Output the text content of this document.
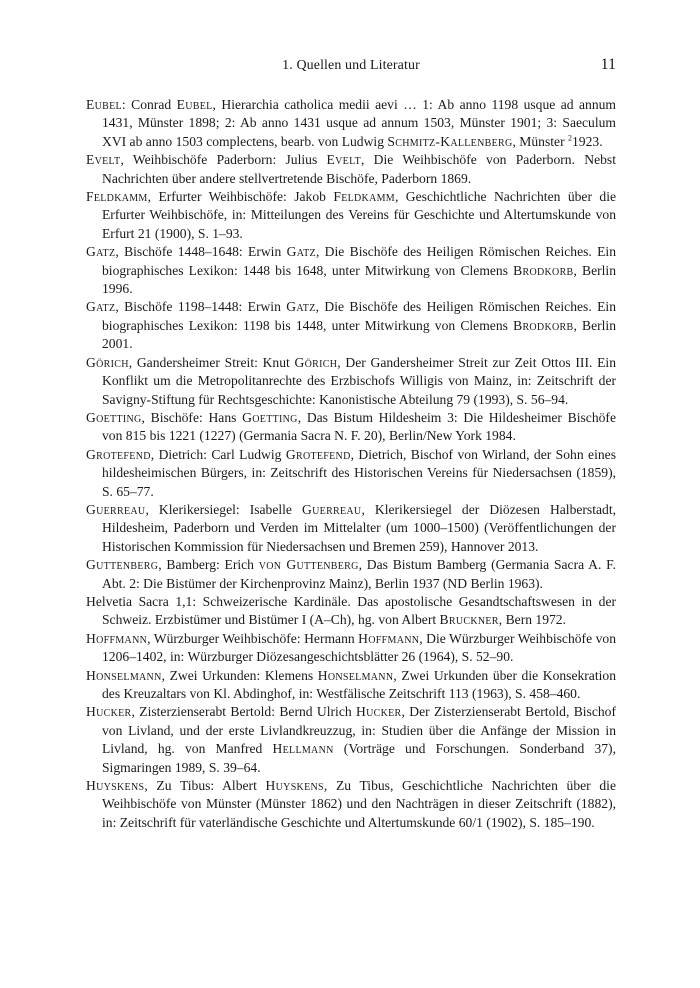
1. Quellen und Literatur	11

Eubel: Conrad Eubel, Hierarchia catholica medii aevi … 1: Ab anno 1198 usque ad annum 1431, Münster 1898; 2: Ab anno 1431 usque ad annum 1503, Münster 1901; 3: Saeculum XVI ab anno 1503 complectens, bearb. von Ludwig Schmitz-Kallenberg, Münster $^2$1923.

Evelt, Weihbischöfe Paderborn: Julius Evelt, Die Weihbischöfe von Paderborn. Nebst Nachrichten über andere stellvertretende Bischöfe, Paderborn 1869.

Feldkamm, Erfurter Weihbischöfe: Jakob Feldkamm, Geschichtliche Nachrichten über die Erfurter Weihbischöfe, in: Mitteilungen des Vereins für Geschichte und Altertumskunde von Erfurt 21 (1900), S. 1–93.

Gatz, Bischöfe 1448–1648: Erwin Gatz, Die Bischöfe des Heiligen Römischen Reiches. Ein biographisches Lexikon: 1448 bis 1648, unter Mitwirkung von Clemens Brodkorb, Berlin 1996.

Gatz, Bischöfe 1198–1448: Erwin Gatz, Die Bischöfe des Heiligen Römischen Reiches. Ein biographisches Lexikon: 1198 bis 1448, unter Mitwirkung von Clemens Brodkorb, Berlin 2001.

Görich, Gandersheimer Streit: Knut Görich, Der Gandersheimer Streit zur Zeit Ottos III. Ein Konflikt um die Metropolitanrechte des Erzbischofs Willigis von Mainz, in: Zeitschrift der Savigny-Stiftung für Rechtsgeschichte: Kanonistische Abteilung 79 (1993), S. 56–94.

Goetting, Bischöfe: Hans Goetting, Das Bistum Hildesheim 3: Die Hildesheimer Bischöfe von 815 bis 1221 (1227) (Germania Sacra N. F. 20), Berlin/New York 1984.

Grotefend, Dietrich: Carl Ludwig Grotefend, Dietrich, Bischof von Wirland, der Sohn eines hildesheimischen Bürgers, in: Zeitschrift des Historischen Vereins für Niedersachsen (1859), S. 65–77.

Guerreau, Klerikersiegel: Isabelle Guerreau, Klerikersiegel der Diözesen Halberstadt, Hildesheim, Paderborn und Verden im Mittelalter (um 1000–1500) (Veröffentlichungen der Historischen Kommission für Niedersachsen und Bremen 259), Hannover 2013.

Guttenberg, Bamberg: Erich von Guttenberg, Das Bistum Bamberg (Germania Sacra A. F. Abt. 2: Die Bistümer der Kirchenprovinz Mainz), Berlin 1937 (ND Berlin 1963).

Helvetia Sacra 1,1: Schweizerische Kardinäle. Das apostolische Gesandtschaftswesen in der Schweiz. Erzbistümer und Bistümer I (A–Ch), hg. von Albert Bruckner, Bern 1972.

Hoffmann, Würzburger Weihbischöfe: Hermann Hoffmann, Die Würzburger Weihbischöfe von 1206–1402, in: Würzburger Diözesangeschichtsblätter 26 (1964), S. 52–90.

Honselmann, Zwei Urkunden: Klemens Honselmann, Zwei Urkunden über die Konsekration des Kreuzaltars von Kl. Abdinghof, in: Westfälische Zeitschrift 113 (1963), S. 458–460.

Hucker, Zisterzienserabt Bertold: Bernd Ulrich Hucker, Der Zisterzienserabt Bertold, Bischof von Livland, und der erste Livlandkreuzzug, in: Studien über die Anfänge der Mission in Livland, hg. von Manfred Hellmann (Vorträge und Forschungen. Sonderband 37), Sigmaringen 1989, S. 39–64.

Huyskens, Zu Tibus: Albert Huyskens, Zu Tibus, Geschichtliche Nachrichten über die Weihbischöfe von Münster (Münster 1862) und den Nachträgen in dieser Zeitschrift (1882), in: Zeitschrift für vaterländische Geschichte und Altertumskunde 60/1 (1902), S. 185–190.
